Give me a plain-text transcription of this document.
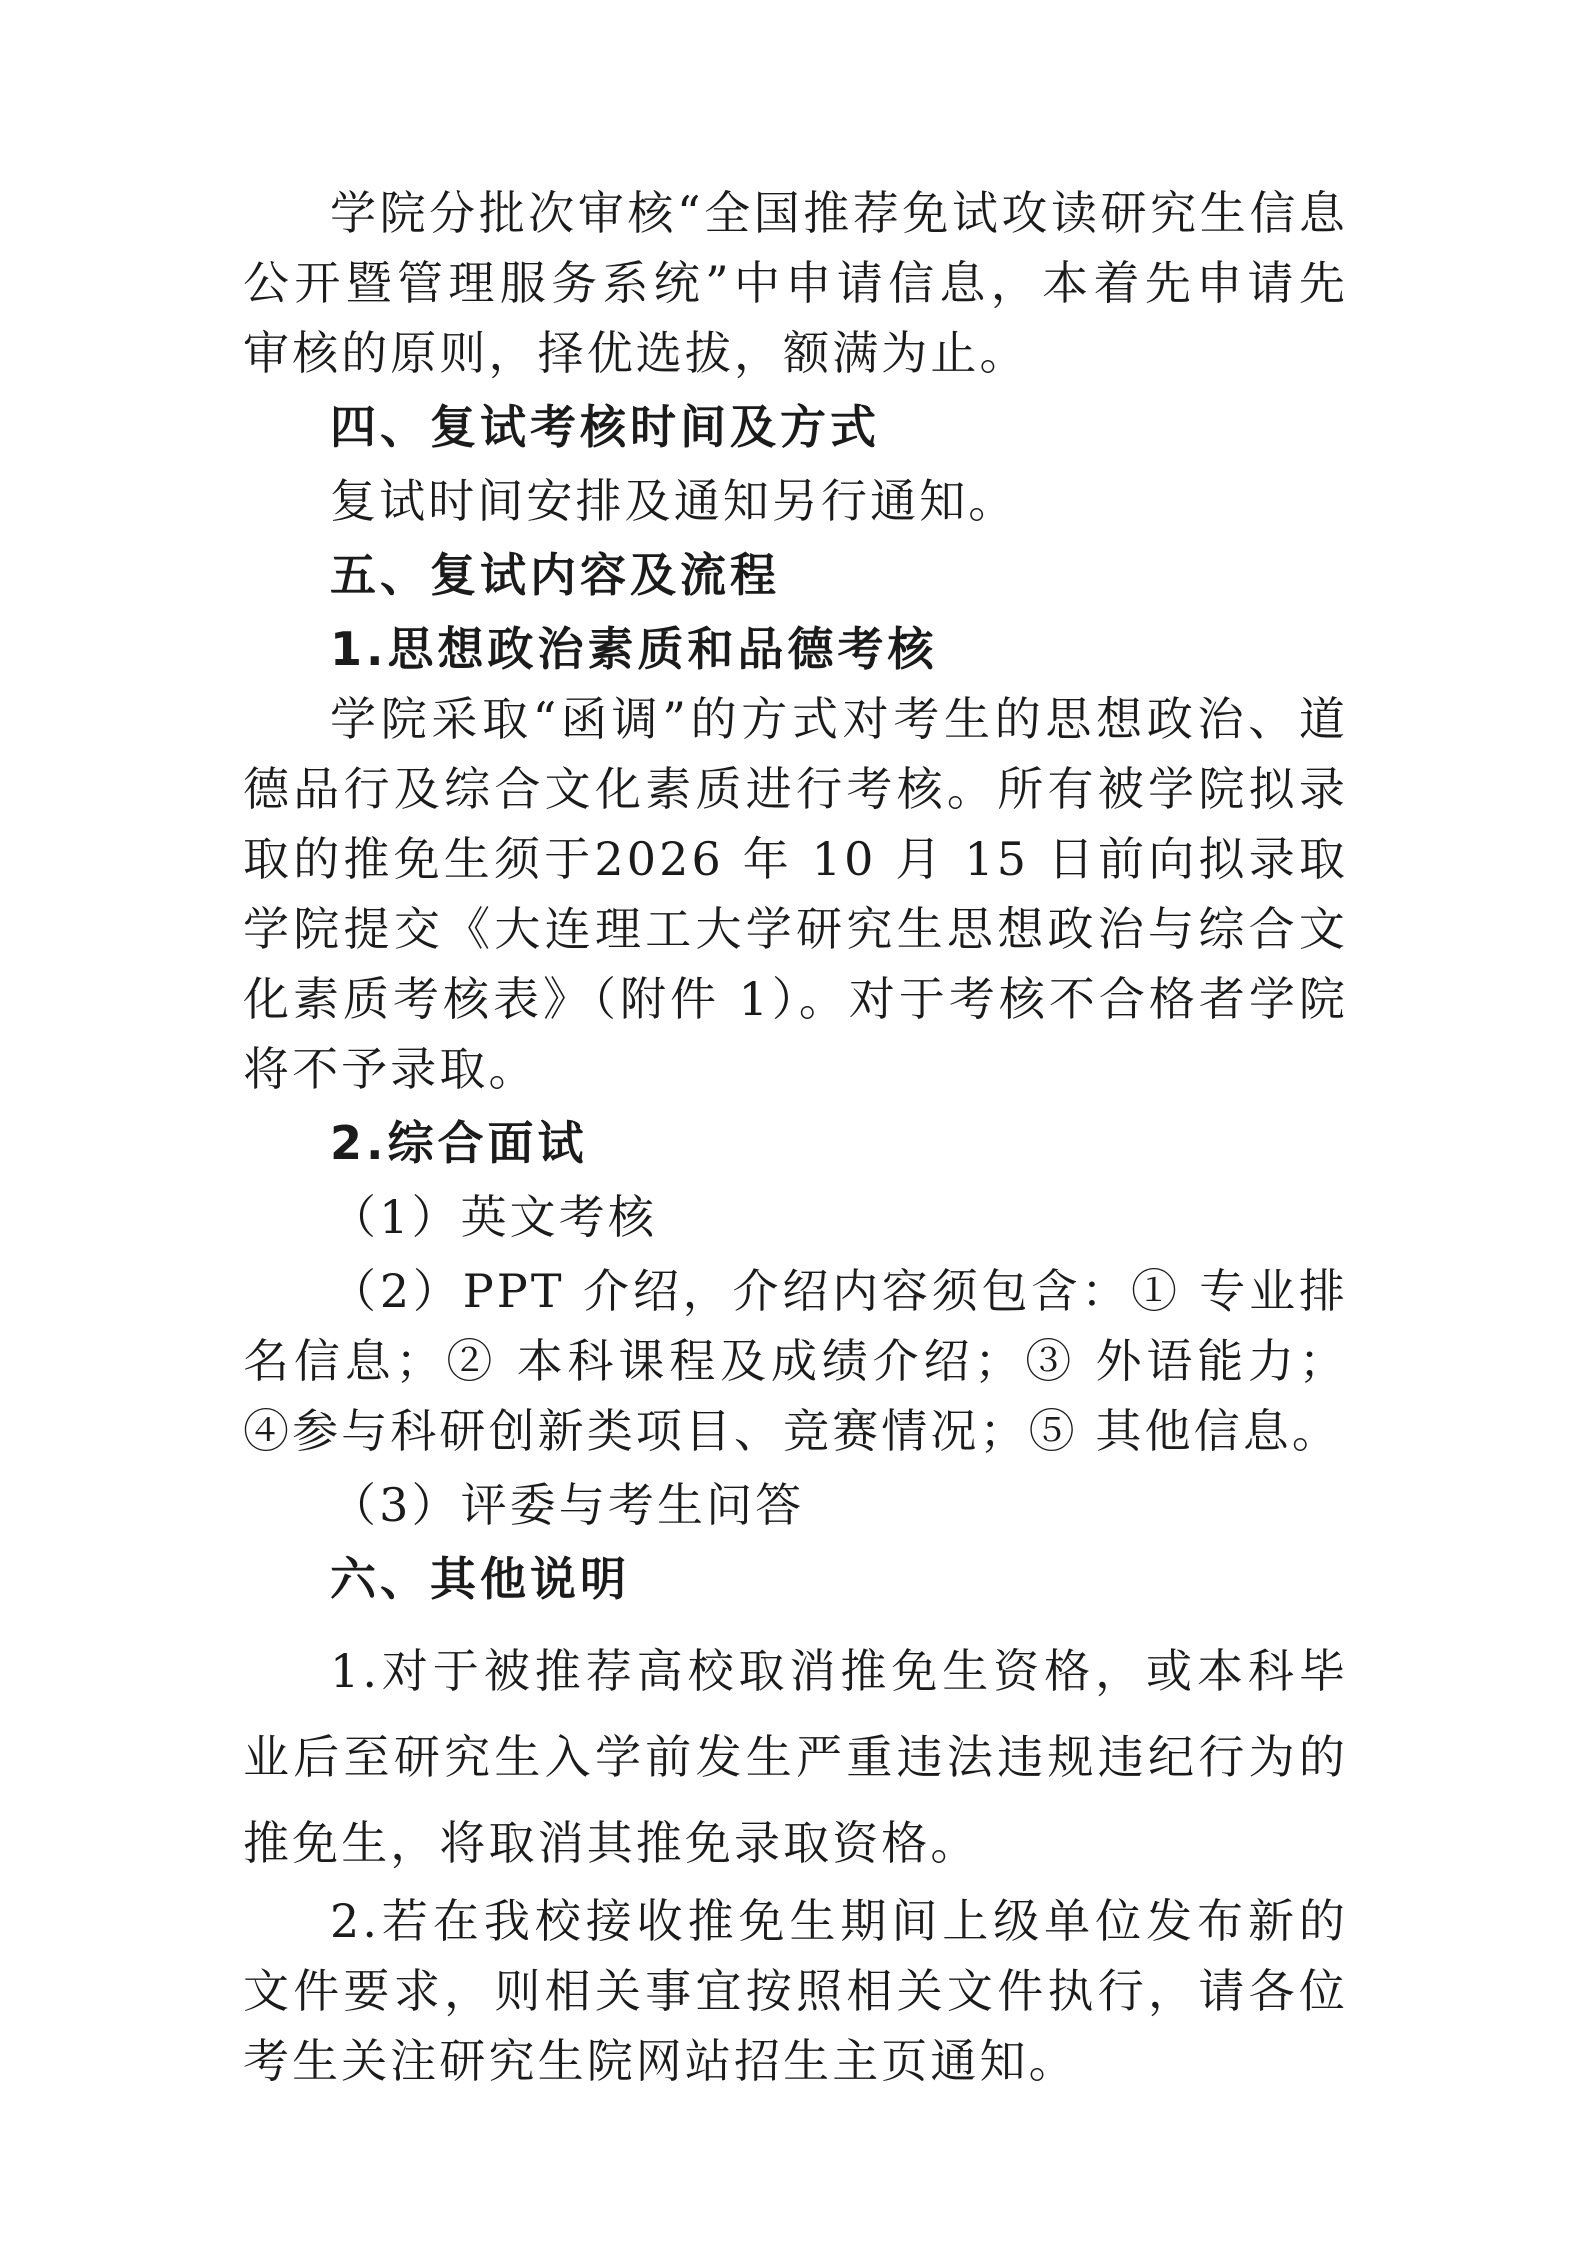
学院分批次审核“全国推荐免试攻读研究生信息公开暨管理服务系统”中申请信息，本着先申请先审核的原则，择优选拔，额满为止。

四、复试考核时间及方式

复试时间安排及通知另行通知。

五、复试内容及流程

1.思想政治素质和品德考核

学院采取“函调”的方式对考生的思想政治、道德品行及综合文化素质进行考核。所有被学院拟录取的推免生须于2026 年 10 月 15 日前向拟录取学院提交《大连理工大学研究生思想政治与综合文化素质考核表》（附件 1）。对于考核不合格者学院将不予录取。

2.综合面试

（1）英文考核

（2）PPT 介绍，介绍内容须包含：① 专业排名信息；② 本科课程及成绩介绍；③ 外语能力；④参与科研创新类项目、竞赛情况；⑤ 其他信息。

（3）评委与考生问答

六、其他说明

1.对于被推荐高校取消推免生资格，或本科毕业后至研究生入学前发生严重违法违规违纪行为的推免生，将取消其推免录取资格。

2.若在我校接收推免生期间上级单位发布新的文件要求，则相关事宜按照相关文件执行，请各位考生关注研究生院网站招生主页通知。
